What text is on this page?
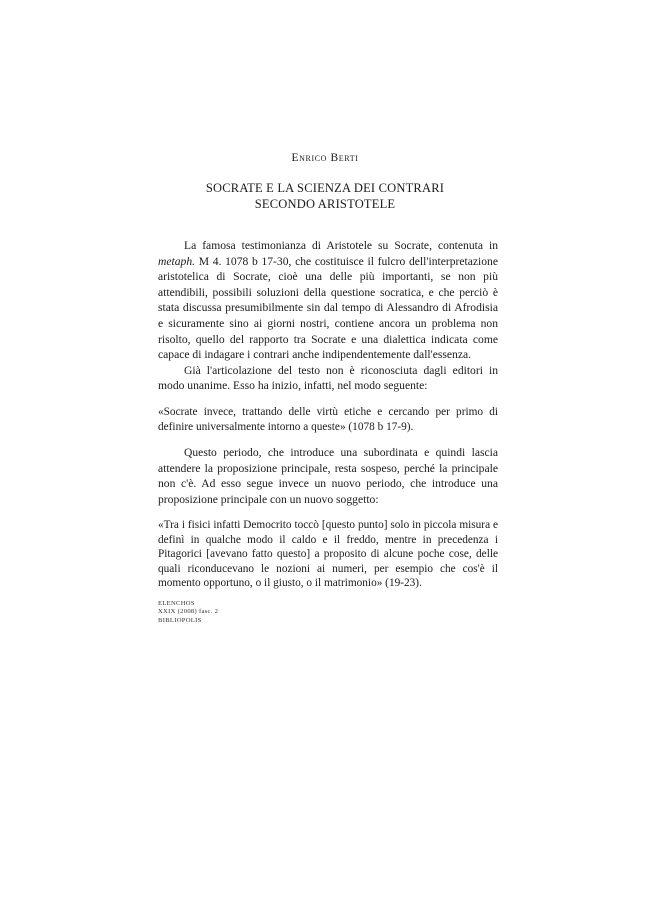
Enrico Berti
SOCRATE E LA SCIENZA DEI CONTRARI
SECONDO ARISTOTELE

La famosa testimonianza di Aristotele su Socrate, contenuta in metaph. M 4. 1078 b 17-30, che costituisce il fulcro dell'interpretazione aristotelica di Socrate, cioè una delle più importanti, se non più attendibili, possibili soluzioni della questione socratica, e che perciò è stata discussa presumibilmente sin dal tempo di Alessandro di Afrodisia e sicuramente sino ai giorni nostri, contiene ancora un problema non risolto, quello del rapporto tra Socrate e una dialettica indicata come capace di indagare i contrari anche indipendentemente dall'essenza.

Già l'articolazione del testo non è riconosciuta dagli editori in modo unanime. Esso ha inizio, infatti, nel modo seguente:

«Socrate invece, trattando delle virtù etiche e cercando per primo di definire universalmente intorno a queste» (1078 b 17-9).

Questo periodo, che introduce una subordinata e quindi lascia attendere la proposizione principale, resta sospeso, perché la principale non c'è. Ad esso segue invece un nuovo periodo, che introduce una proposizione principale con un nuovo soggetto:

«Tra i fisici infatti Democrito toccò [questo punto] solo in piccola misura e definì in qualche modo il caldo e il freddo, mentre in precedenza i Pitagorici [avevano fatto questo] a proposito di alcune poche cose, delle quali riconducevano le nozioni ai numeri, per esempio che cos'è il momento opportuno, o il giusto, o il matrimonio» (19-23).

ELENCHOS
XXIX (2008) fasc. 2
BIBLIOPOLIS
